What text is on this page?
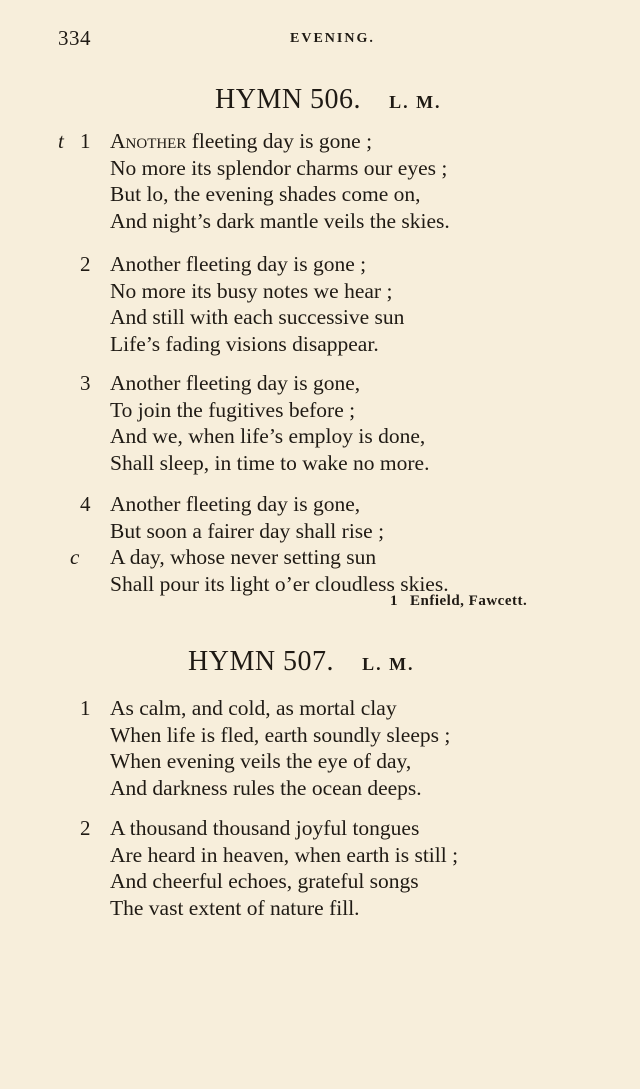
334	EVENING.
HYMN 506. L. M.
t 1 Another fleeting day is gone ;
No more its splendor charms our eyes ;
But lo, the evening shades come on,
And night’s dark mantle veils the skies.
2 Another fleeting day is gone ;
No more its busy notes we hear ;
And still with each successive sun
Life’s fading visions disappear.
3 Another fleeting day is gone,
To join the fugitives before ;
And we, when life’s employ is done,
Shall sleep, in time to wake no more.
4 Another fleeting day is gone,
But soon a fairer day shall rise ;
c A day, whose never setting sun
Shall pour its light o’er cloudless skies.
1 Enfield, Fawcett.
HYMN 507. L. M.
1 As calm, and cold, as mortal clay
When life is fled, earth soundly sleeps ;
When evening veils the eye of day,
And darkness rules the ocean deeps.
2 A thousand thousand joyful tongues
Are heard in heaven, when earth is still ;
And cheerful echoes, grateful songs
The vast extent of nature fill.
